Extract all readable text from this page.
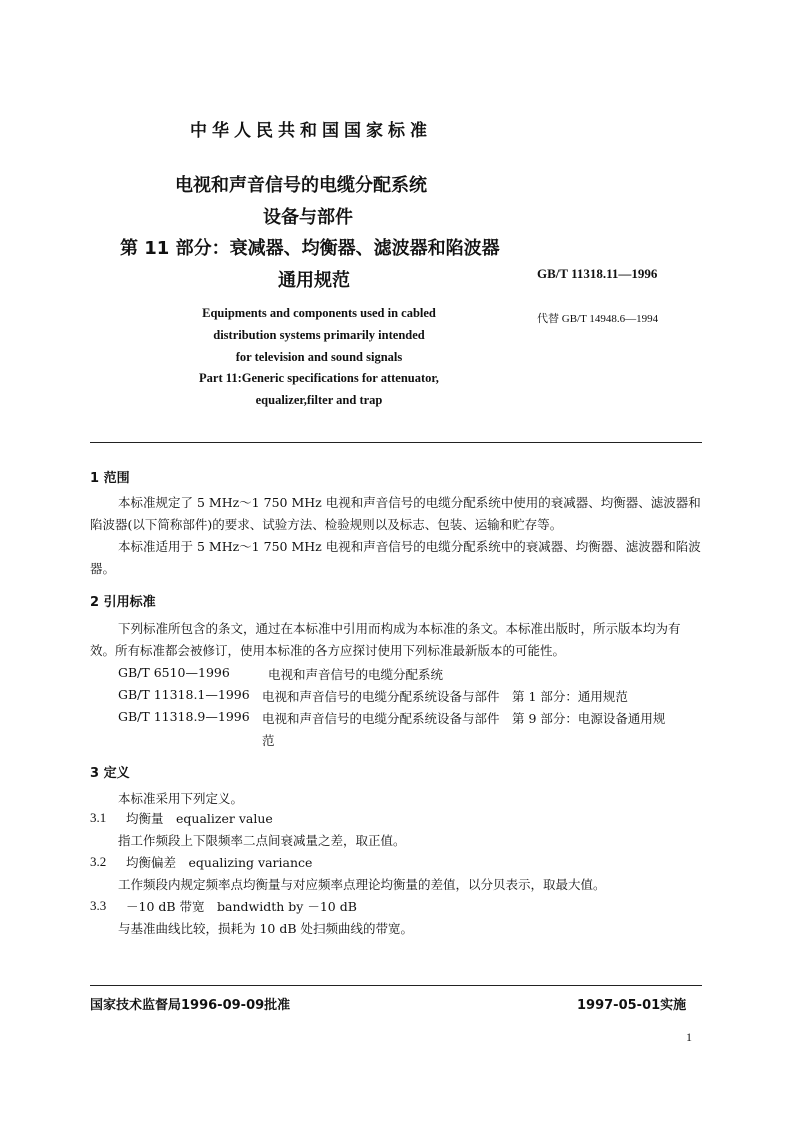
中华人民共和国国家标准
电视和声音信号的电缆分配系统
设备与部件
第 11 部分：衰减器、均衡器、滤波器和陷波器
通用规范	GB/T 11318.11—1996
代替 GB/T 14948.6—1994
Equipments and components used in cabled
distribution systems primarily intended
for television and sound signals
Part 11:Generic specifications for attenuator,
equalizer,filter and trap
1 范围
本标准规定了 5 MHz～1 750 MHz 电视和声音信号的电缆分配系统中使用的衰减器、均衡器、滤波器和陷波器(以下简称部件)的要求、试验方法、检验规则以及标志、包装、运输和贮存等。
本标准适用于 5 MHz～1 750 MHz 电视和声音信号的电缆分配系统中的衰减器、均衡器、滤波器和陷波器。
2 引用标准
下列标准所包含的条文，通过在本标准中引用而构成为本标准的条文。本标准出版时，所示版本均为有效。所有标准都会被修订，使用本标准的各方应探讨使用下列标准最新版本的可能性。
GB/T 6510—1996	电视和声音信号的电缆分配系统
GB/T 11318.1—1996 电视和声音信号的电缆分配系统设备与部件　第 1 部分：通用规范
GB/T 11318.9—1996 电视和声音信号的电缆分配系统设备与部件　第 9 部分：电源设备通用规
范
3 定义
本标准采用下列定义。
3.1 均衡量　equalizer value
指工作频段上下限频率二点间衰减量之差，取正值。
3.2 均衡偏差　equalizing variance
工作频段内规定频率点均衡量与对应频率点理论均衡量的差值，以分贝表示，取最大值。
3.3 －10 dB 带宽　bandwidth by －10 dB
与基准曲线比较，损耗为 10 dB 处扫频曲线的带宽。
国家技术监督局1996-09-09批准	1997-05-01实施
1
